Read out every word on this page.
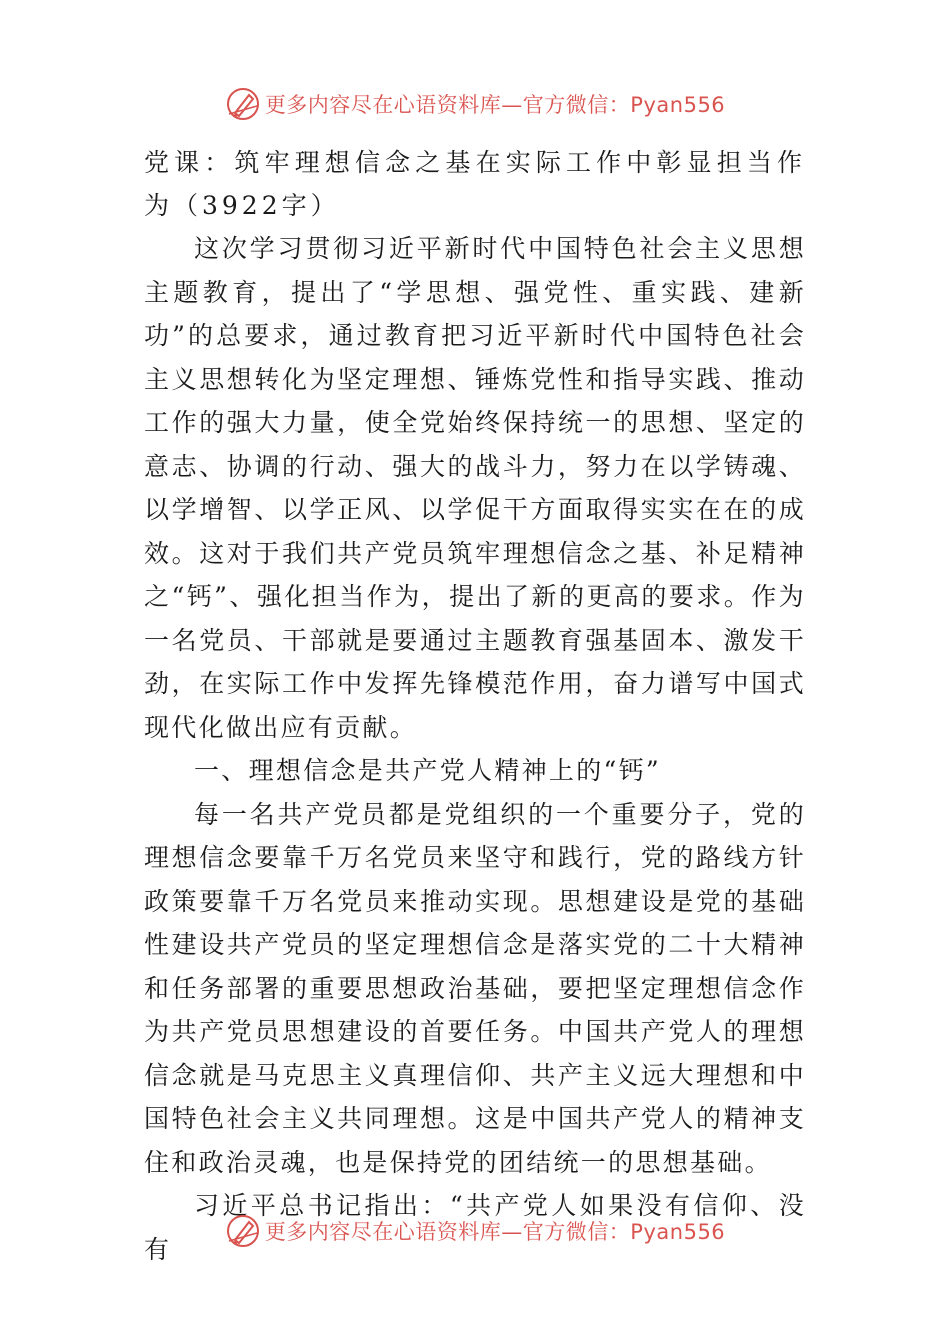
更多内容尽在心语资料库—官方微信：Pyan556
党课：筑牢理想信念之基在实际工作中彰显担当作为（3922字）

这次学习贯彻习近平新时代中国特色社会主义思想主题教育，提出了“学思想、强党性、重实践、建新功”的总要求，通过教育把习近平新时代中国特色社会主义思想转化为坚定理想、锤炼党性和指导实践、推动工作的强大力量，使全党始终保持统一的思想、坚定的意志、协调的行动、强大的战斗力，努力在以学铸魂、以学增智、以学正风、以学促干方面取得实实在在的成效。这对于我们共产党员筑牢理想信念之基、补足精神之“钙”、强化担当作为，提出了新的更高的要求。作为一名党员、干部就是要通过主题教育强基固本、激发干劲，在实际工作中发挥先锋模范作用，奋力谱写中国式现代化做出应有贡献。

一、理想信念是共产党人精神上的“钙”

每一名共产党员都是党组织的一个重要分子，党的理想信念要靠千万名党员来坚守和践行，党的路线方针政策要靠千万名党员来推动实现。思想建设是党的基础性建设共产党员的坚定理想信念是落实党的二十大精神和任务部署的重要思想政治基础，要把坚定理想信念作为共产党员思想建设的首要任务。中国共产党人的理想信念就是马克思主义真理信仰、共产主义远大理想和中国特色社会主义共同理想。这是中国共产党人的精神支住和政治灵魂，也是保持党的团结统一的思想基础。

习近平总书记指出：“共产党人如果没有信仰、没有

更多内容尽在心语资料库—官方微信：Pyan556
